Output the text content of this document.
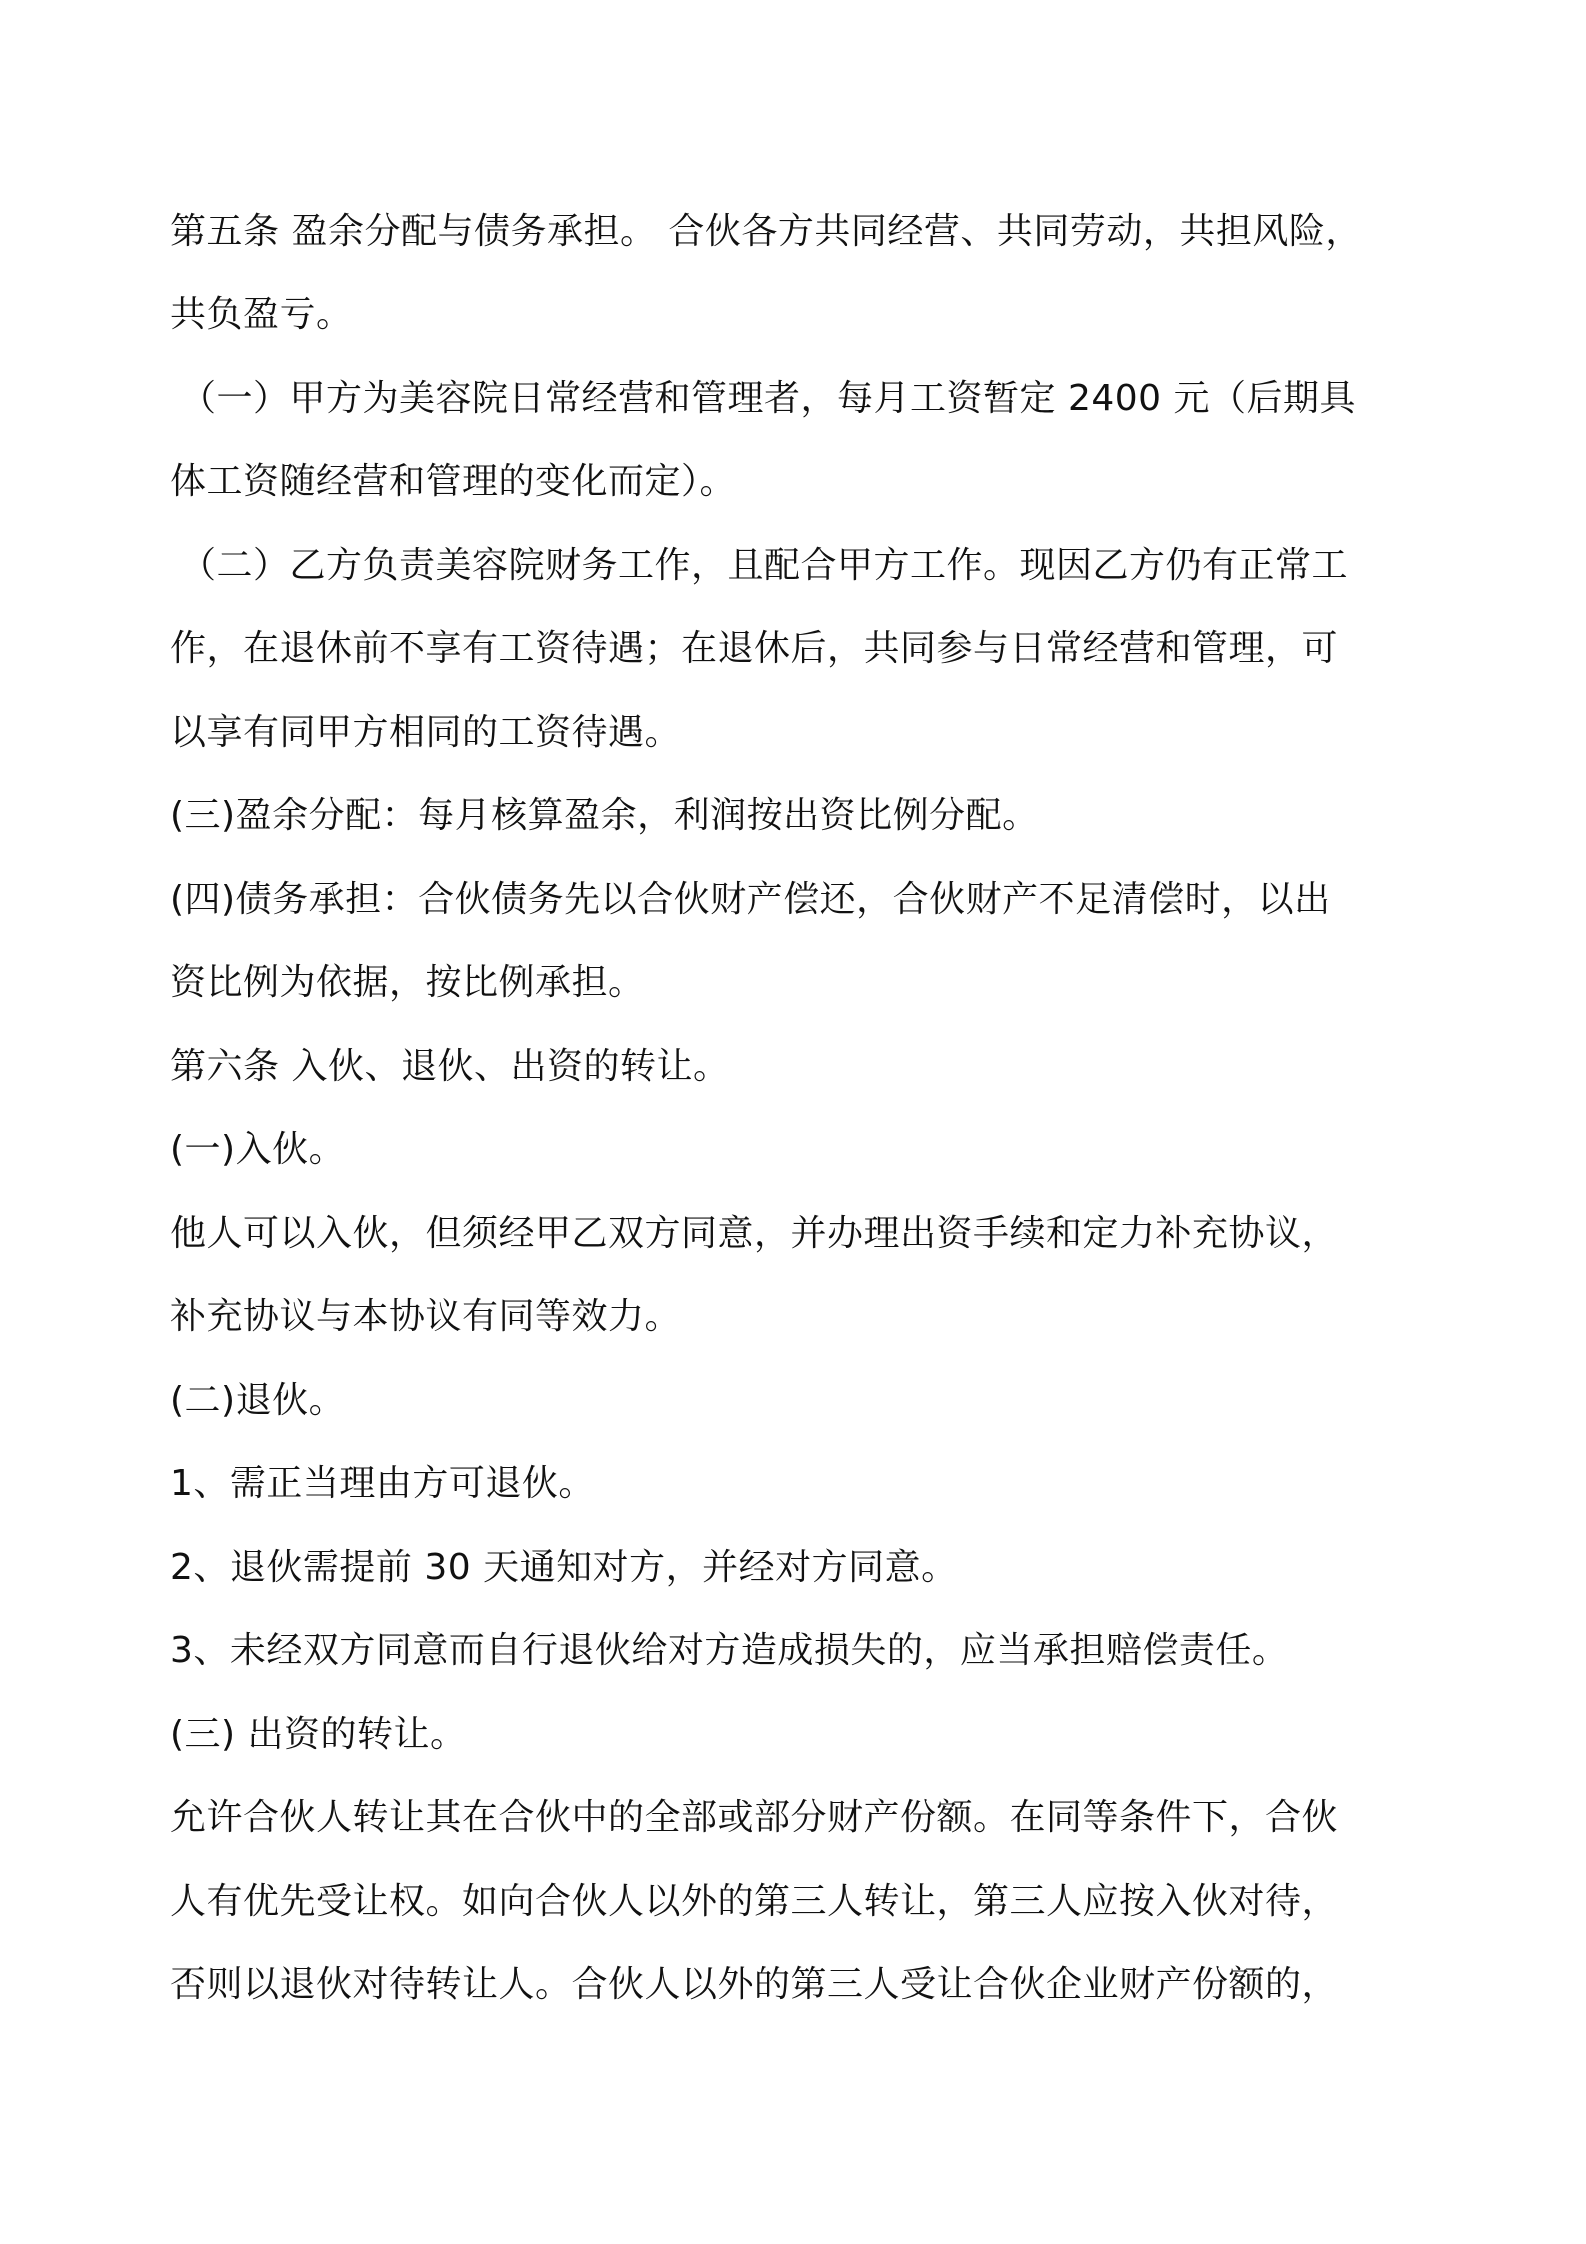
第五条 盈余分配与债务承担。 合伙各方共同经营、共同劳动，共担风险，
共负盈亏。
（一）甲方为美容院日常经营和管理者，每月工资暂定 2400 元（后期具
体工资随经营和管理的变化而定）。
（二）乙方负责美容院财务工作，且配合甲方工作。现因乙方仍有正常工
作，在退休前不享有工资待遇；在退休后，共同参与日常经营和管理，可
以享有同甲方相同的工资待遇。
(三)盈余分配：每月核算盈余，利润按出资比例分配。
(四)债务承担：合伙债务先以合伙财产偿还，合伙财产不足清偿时，以出
资比例为依据，按比例承担。
第六条 入伙、退伙、出资的转让。
(一)入伙。
他人可以入伙，但须经甲乙双方同意，并办理出资手续和定力补充协议，
补充协议与本协议有同等效力。
(二)退伙。
1、需正当理由方可退伙。
2、退伙需提前 30 天通知对方，并经对方同意。
3、未经双方同意而自行退伙给对方造成损失的，应当承担赔偿责任。
(三) 出资的转让。
允许合伙人转让其在合伙中的全部或部分财产份额。在同等条件下，合伙
人有优先受让权。如向合伙人以外的第三人转让，第三人应按入伙对待，
否则以退伙对待转让人。合伙人以外的第三人受让合伙企业财产份额的，
